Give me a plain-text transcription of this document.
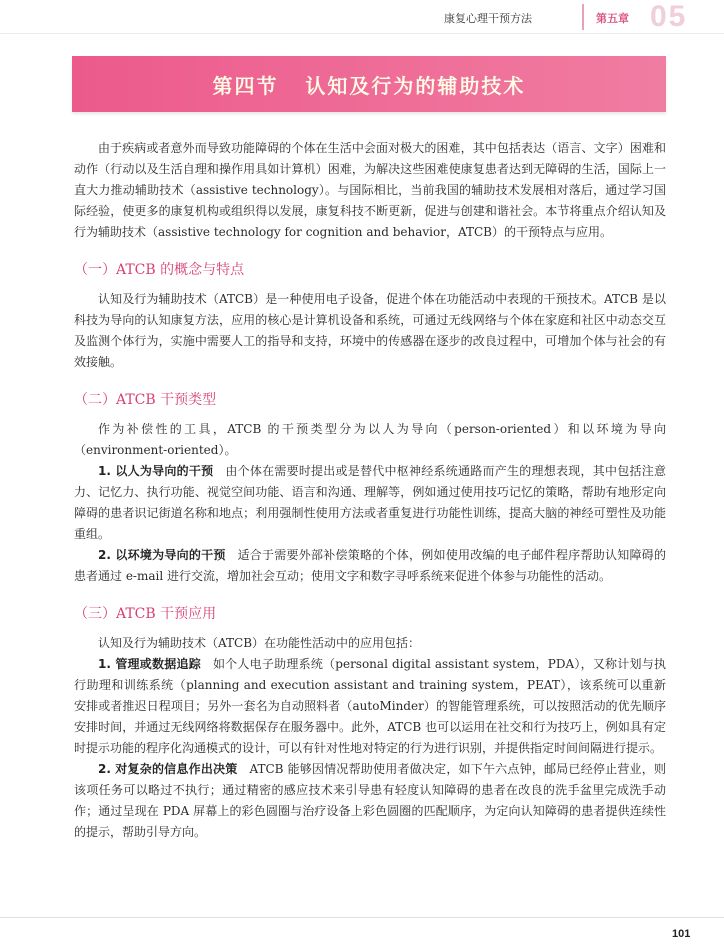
康复心理干预方法	第五章 05
第四节   认知及行为的辅助技术

由于疾病或者意外而导致功能障碍的个体在生活中会面对极大的困难，其中包括表达（语言、文字）困难和动作（行动以及生活自理和操作用具如计算机）困难，为解决这些困难使康复患者达到无障碍的生活，国际上一直大力推动辅助技术（assistive technology）。与国际相比，当前我国的辅助技术发展相对落后，通过学习国际经验，使更多的康复机构或组织得以发展，康复科技不断更新，促进与创建和谐社会。本节将重点介绍认知及行为辅助技术（assistive technology for cognition and behavior，ATCB）的干预特点与应用。

（一）ATCB 的概念与特点

认知及行为辅助技术（ATCB）是一种使用电子设备，促进个体在功能活动中表现的干预技术。ATCB 是以科技为导向的认知康复方法，应用的核心是计算机设备和系统，可通过无线网络与个体在家庭和社区中动态交互及监测个体行为，实施中需要人工的指导和支持，环境中的传感器在逐步的改良过程中，可增加个体与社会的有效接触。

（二）ATCB 干预类型

作为补偿性的工具，ATCB 的干预类型分为以人为导向（person-oriented）和以环境为导向（environment-oriented）。

1. 以人为导向的干预 由个体在需要时提出或是替代中枢神经系统通路而产生的理想表现，其中包括注意力、记忆力、执行功能、视觉空间功能、语言和沟通、理解等，例如通过使用技巧记忆的策略，帮助有地形定向障碍的患者识记街道名称和地点；利用强制性使用方法或者重复进行功能性训练，提高大脑的神经可塑性及功能重组。

2. 以环境为导向的干预 适合于需要外部补偿策略的个体，例如使用改编的电子邮件程序帮助认知障碍的患者通过 e-mail 进行交流，增加社会互动；使用文字和数字寻呼系统来促进个体参与功能性的活动。

（三）ATCB 干预应用

认知及行为辅助技术（ATCB）在功能性活动中的应用包括：

1. 管理或数据追踪 如个人电子助理系统（personal digital assistant system，PDA），又称计划与执行助理和训练系统（planning and execution assistant and training system，PEAT），该系统可以重新安排或者推迟日程项目；另外一套名为自动照料者（autoMinder）的智能管理系统，可以按照活动的优先顺序安排时间，并通过无线网络将数据保存在服务器中。此外，ATCB 也可以运用在社交和行为技巧上，例如具有定时提示功能的程序化沟通模式的设计，可以有针对性地对特定的行为进行识别，并提供指定时间间隔进行提示。

2. 对复杂的信息作出决策 ATCB 能够因情况帮助使用者做决定，如下午六点钟，邮局已经停止营业，则该项任务可以略过不执行；通过精密的感应技术来引导患有轻度认知障碍的患者在改良的洗手盆里完成洗手动作；通过呈现在 PDA 屏幕上的彩色圆圈与治疗设备上彩色圆圈的匹配顺序，为定向认知障碍的患者提供连续性的提示，帮助引导方向。

101
